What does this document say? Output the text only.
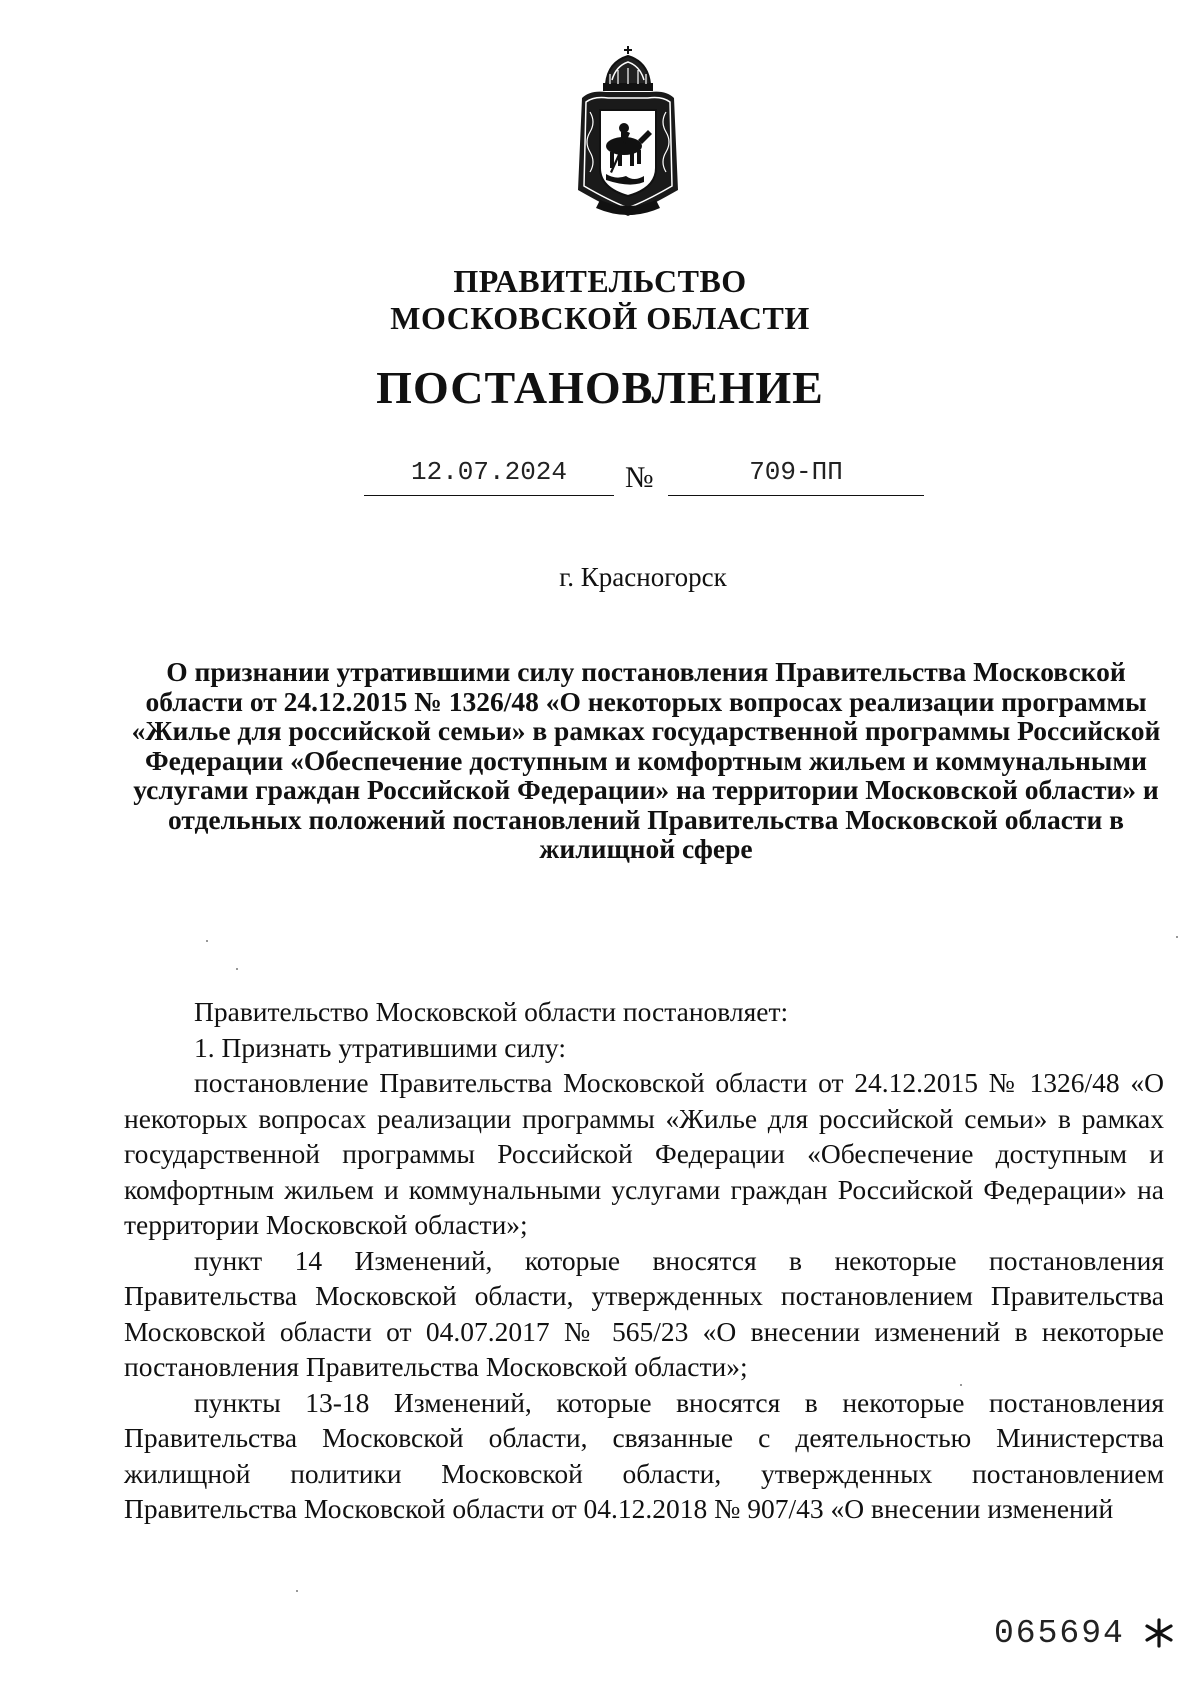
ПРАВИТЕЛЬСТВО
МОСКОВСКОЙ ОБЛАСТИ
ПОСТАНОВЛЕНИЕ
12.07.2024	№	709-ПП
г. Красногорск
О признании утратившими силу постановления Правительства Московской области от 24.12.2015 № 1326/48 «О некоторых вопросах реализации программы «Жилье для российской семьи» в рамках государственной программы Российской Федерации «Обеспечение доступным и комфортным жильем и коммунальными услугами граждан Российской Федерации» на территории Московской области» и отдельных положений постановлений Правительства Московской области в жилищной сфере

Правительство Московской области постановляет:

1. Признать утратившими силу:

постановление Правительства Московской области от 24.12.2015 № 1326/48 «О некоторых вопросах реализации программы «Жилье для российской семьи» в рамках государственной программы Российской Федерации «Обеспечение доступным и комфортным жильем и коммунальными услугами граждан Российской Федерации» на территории Московской области»;

пункт 14 Изменений, которые вносятся в некоторые постановления Правительства Московской области, утвержденных постановлением Правительства Московской области от 04.07.2017 № 565/23 «О внесении изменений в некоторые постановления Правительства Московской области»;

пункты 13-18 Изменений, которые вносятся в некоторые постановления Правительства Московской области, связанные с деятельностью Министерства жилищной политики Московской области, утвержденных постановлением Правительства Московской области от 04.12.2018 № 907/43 «О внесении изменений

065694
